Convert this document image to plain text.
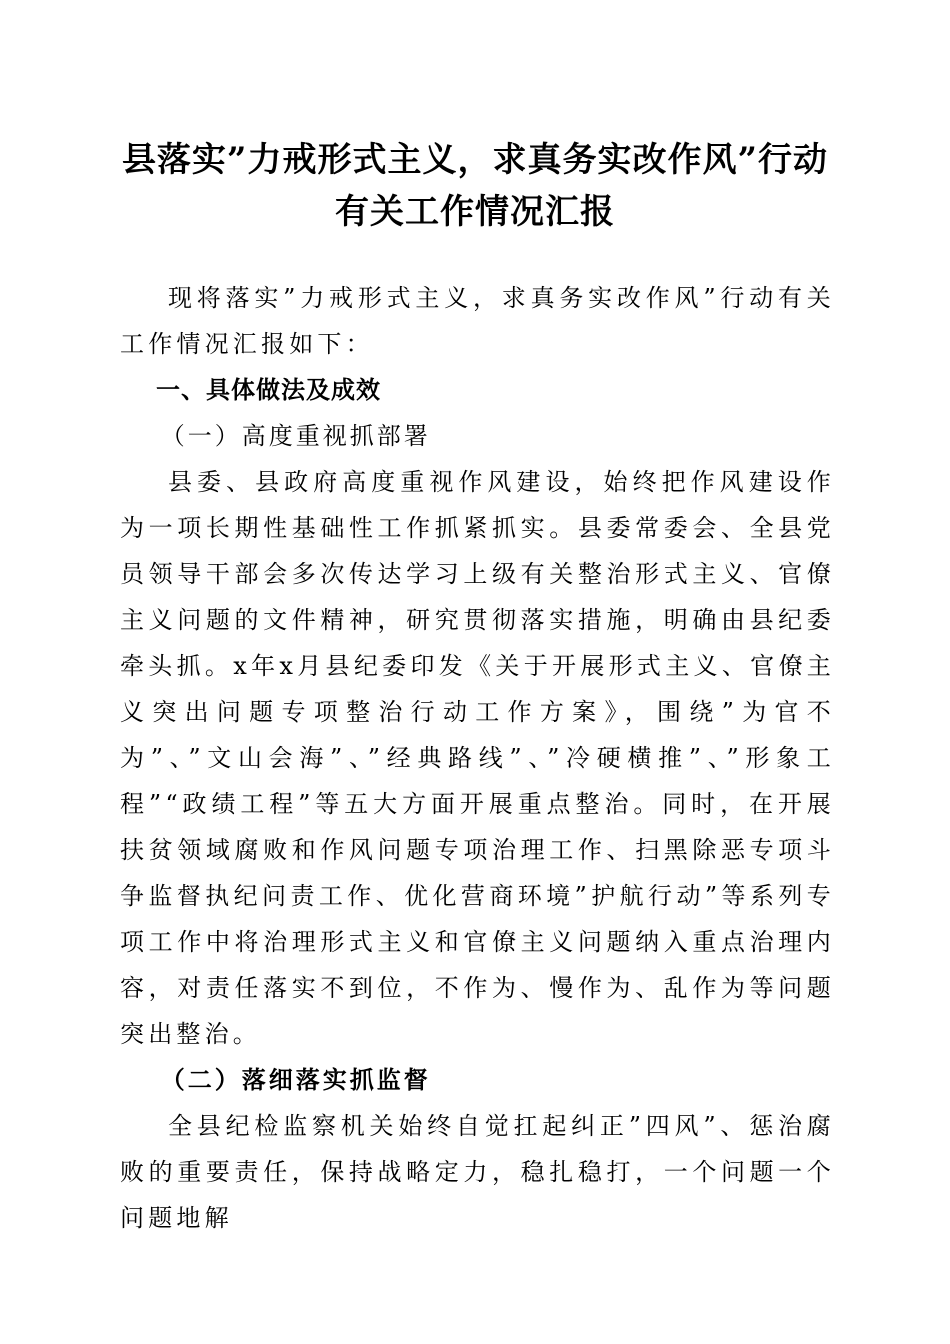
县落实”力戒形式主义，求真务实改作风”行动有关工作情况汇报

现将落实”力戒形式主义，求真务实改作风”行动有关工作情况汇报如下：

一、具体做法及成效

（一）高度重视抓部署

县委、县政府高度重视作风建设，始终把作风建设作为一项长期性基础性工作抓紧抓实。县委常委会、全县党员领导干部会多次传达学习上级有关整治形式主义、官僚主义问题的文件精神，研究贯彻落实措施，明确由县纪委牵头抓。x年x月县纪委印发《关于开展形式主义、官僚主义突出问题专项整治行动工作方案》，围绕”为官不为”、”文山会海”、”经典路线”、”冷硬横推”、”形象工程”“政绩工程”等五大方面开展重点整治。同时，在开展扶贫领域腐败和作风问题专项治理工作、扫黑除恶专项斗争监督执纪问责工作、优化营商环境”护航行动”等系列专项工作中将治理形式主义和官僚主义问题纳入重点治理内容，对责任落实不到位，不作为、慢作为、乱作为等问题突出整治。

（二）落细落实抓监督

全县纪检监察机关始终自觉扛起纠正”四风”、惩治腐败的重要责任，保持战略定力，稳扎稳打，一个问题一个问题地解
